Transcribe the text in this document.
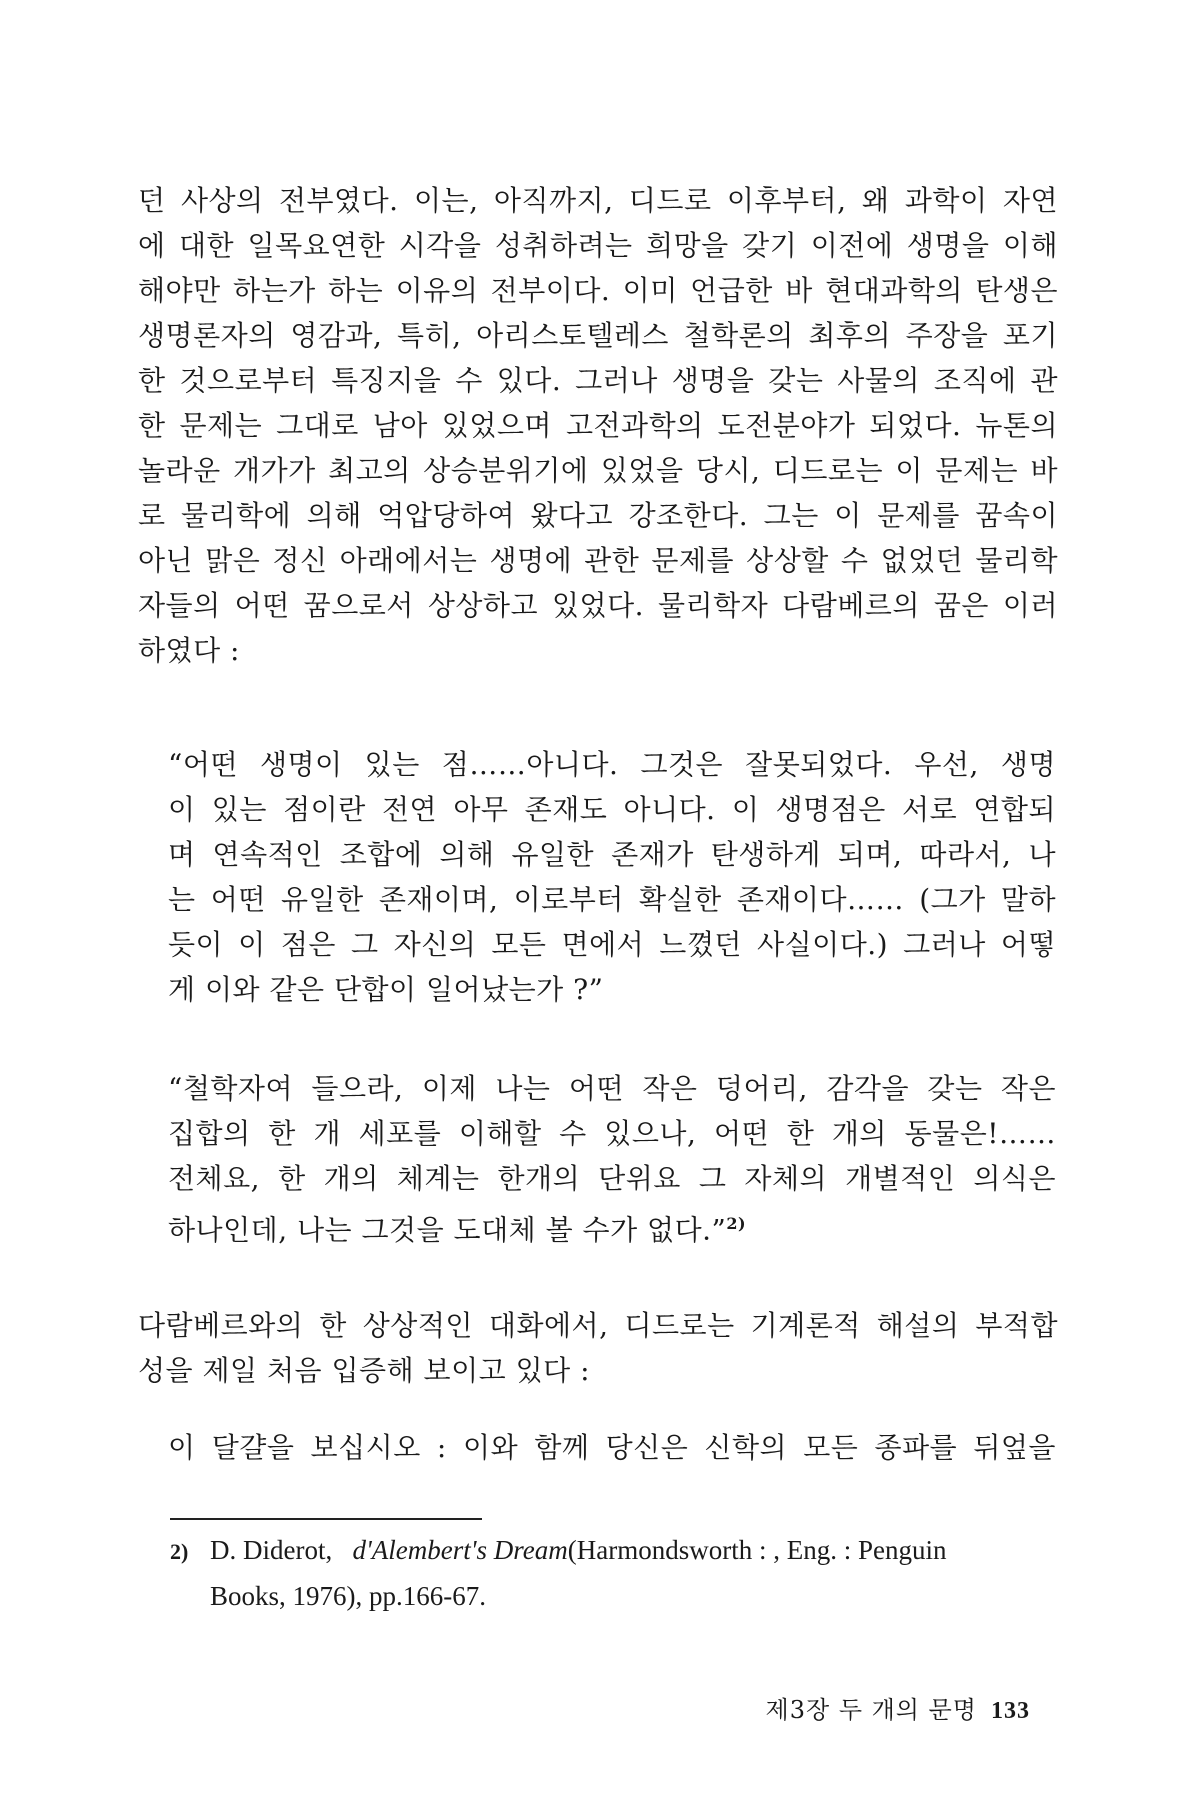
던 사상의 전부였다. 이는, 아직까지, 디드로 이후부터, 왜 과학이 자연
에 대한 일목요연한 시각을 성취하려는 희망을 갖기 이전에 생명을 이해
해야만 하는가 하는 이유의 전부이다. 이미 언급한 바 현대과학의 탄생은
생명론자의 영감과, 특히, 아리스토텔레스 철학론의 최후의 주장을 포기
한 것으로부터 특징지을 수 있다. 그러나 생명을 갖는 사물의 조직에 관
한 문제는 그대로 남아 있었으며 고전과학의 도전분야가 되었다. 뉴톤의
놀라운 개가가 최고의 상승분위기에 있었을 당시, 디드로는 이 문제는 바
로 물리학에 의해 억압당하여 왔다고 강조한다. 그는 이 문제를 꿈속이
아닌 맑은 정신 아래에서는 생명에 관한 문제를 상상할 수 없었던 물리학
자들의 어떤 꿈으로서 상상하고 있었다. 물리학자 다람베르의 꿈은 이러
하였다 :
“어떤 생명이 있는 점……아니다. 그것은 잘못되었다. 우선, 생명
이 있는 점이란 전연 아무 존재도 아니다. 이 생명점은 서로 연합되
며 연속적인 조합에 의해 유일한 존재가 탄생하게 되며, 따라서, 나
는 어떤 유일한 존재이며, 이로부터 확실한 존재이다…… (그가 말하
듯이 이 점은 그 자신의 모든 면에서 느꼈던 사실이다.) 그러나 어떻
게 이와 같은 단합이 일어났는가 ?”
“철학자여 들으라, 이제 나는 어떤 작은 덩어리, 감각을 갖는 작은
집합의 한 개 세포를 이해할 수 있으나, 어떤 한 개의 동물은!……
전체요, 한 개의 체계는 한개의 단위요 그 자체의 개별적인 의식은
하나인데, 나는 그것을 도대체 볼 수가 없다.”$^{2)}$
다람베르와의 한 상상적인 대화에서, 디드로는 기계론적 해설의 부적합
성을 제일 처음 입증해 보이고 있다 :
이 달걀을 보십시오 : 이와 함께 당신은 신학의 모든 종파를 뒤엎을
2) D. Diderot, d'Alembert's Dream(Harmondsworth : , Eng. : Penguin
Books, 1976), pp.166-67.
제3장 두 개의 문명 133
